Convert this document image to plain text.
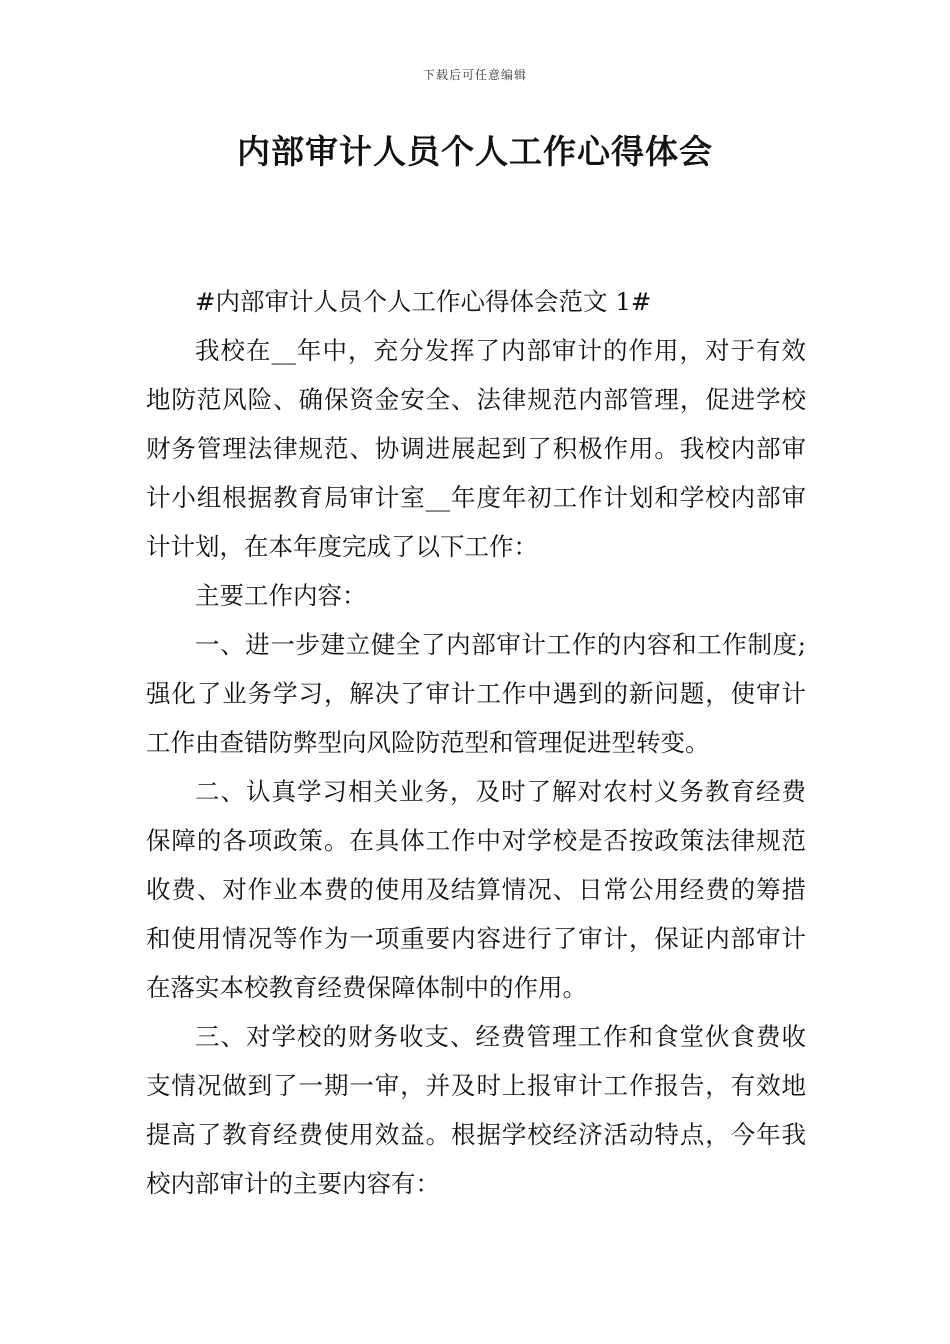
下载后可任意编辑
内部审计人员个人工作心得体会

#内部审计人员个人工作心得体会范文 1#

我校在__年中，充分发挥了内部审计的作用，对于有效地防范风险、确保资金安全、法律规范内部管理，促进学校财务管理法律规范、协调进展起到了积极作用。我校内部审计小组根据教育局审计室__年度年初工作计划和学校内部审计计划，在本年度完成了以下工作：

主要工作内容：

一、进一步建立健全了内部审计工作的内容和工作制度;强化了业务学习，解决了审计工作中遇到的新问题，使审计工作由查错防弊型向风险防范型和管理促进型转变。

二、认真学习相关业务，及时了解对农村义务教育经费保障的各项政策。在具体工作中对学校是否按政策法律规范收费、对作业本费的使用及结算情况、日常公用经费的筹措和使用情况等作为一项重要内容进行了审计，保证内部审计在落实本校教育经费保障体制中的作用。

三、对学校的财务收支、经费管理工作和食堂伙食费收支情况做到了一期一审，并及时上报审计工作报告，有效地提高了教育经费使用效益。根据学校经济活动特点，今年我校内部审计的主要内容有：
